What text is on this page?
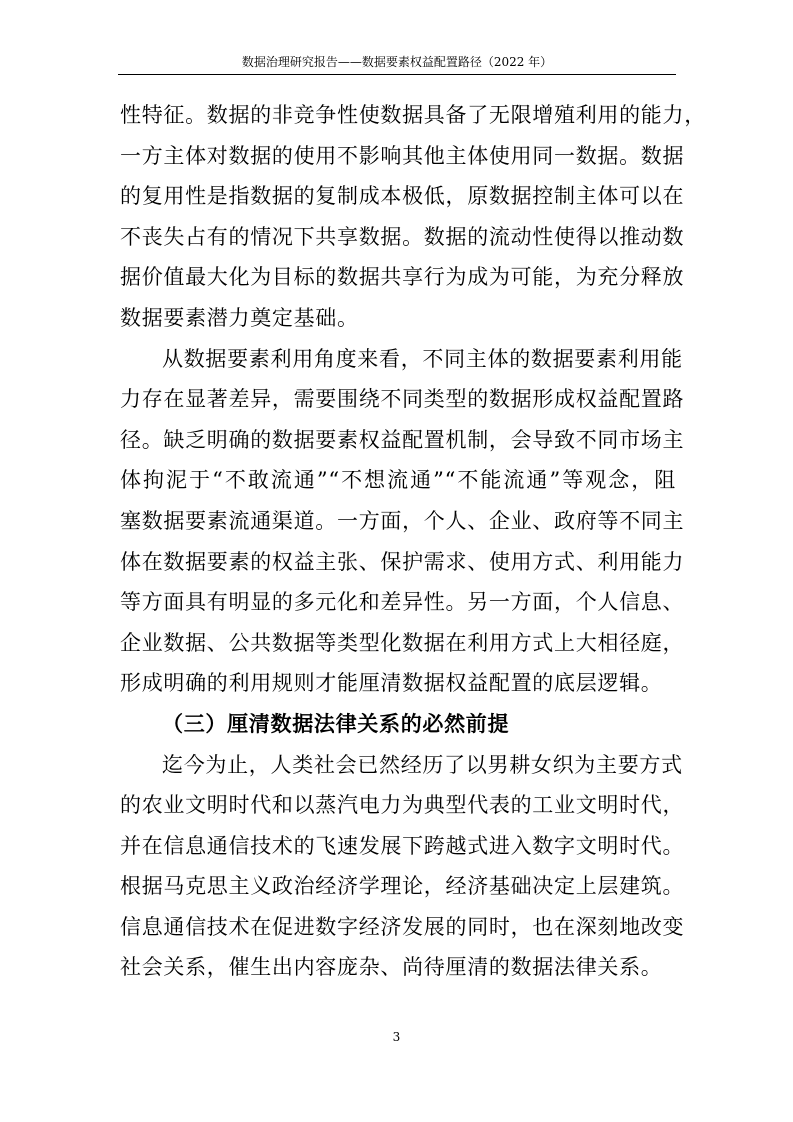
数据治理研究报告——数据要素权益配置路径（2022 年）
性特征。数据的非竞争性使数据具备了无限增殖利用的能力，
一方主体对数据的使用不影响其他主体使用同一数据。数据
的复用性是指数据的复制成本极低，原数据控制主体可以在
不丧失占有的情况下共享数据。数据的流动性使得以推动数
据价值最大化为目标的数据共享行为成为可能，为充分释放
数据要素潜力奠定基础。
从数据要素利用角度来看，不同主体的数据要素利用能
力存在显著差异，需要围绕不同类型的数据形成权益配置路
径。缺乏明确的数据要素权益配置机制，会导致不同市场主
体拘泥于“不敢流通”“不想流通”“不能流通”等观念，阻
塞数据要素流通渠道。一方面，个人、企业、政府等不同主
体在数据要素的权益主张、保护需求、使用方式、利用能力
等方面具有明显的多元化和差异性。另一方面，个人信息、
企业数据、公共数据等类型化数据在利用方式上大相径庭，
形成明确的利用规则才能厘清数据权益配置的底层逻辑。
（三）厘清数据法律关系的必然前提
迄今为止，人类社会已然经历了以男耕女织为主要方式
的农业文明时代和以蒸汽电力为典型代表的工业文明时代，
并在信息通信技术的飞速发展下跨越式进入数字文明时代。
根据马克思主义政治经济学理论，经济基础决定上层建筑。
信息通信技术在促进数字经济发展的同时，也在深刻地改变
社会关系，催生出内容庞杂、尚待厘清的数据法律关系。
3
